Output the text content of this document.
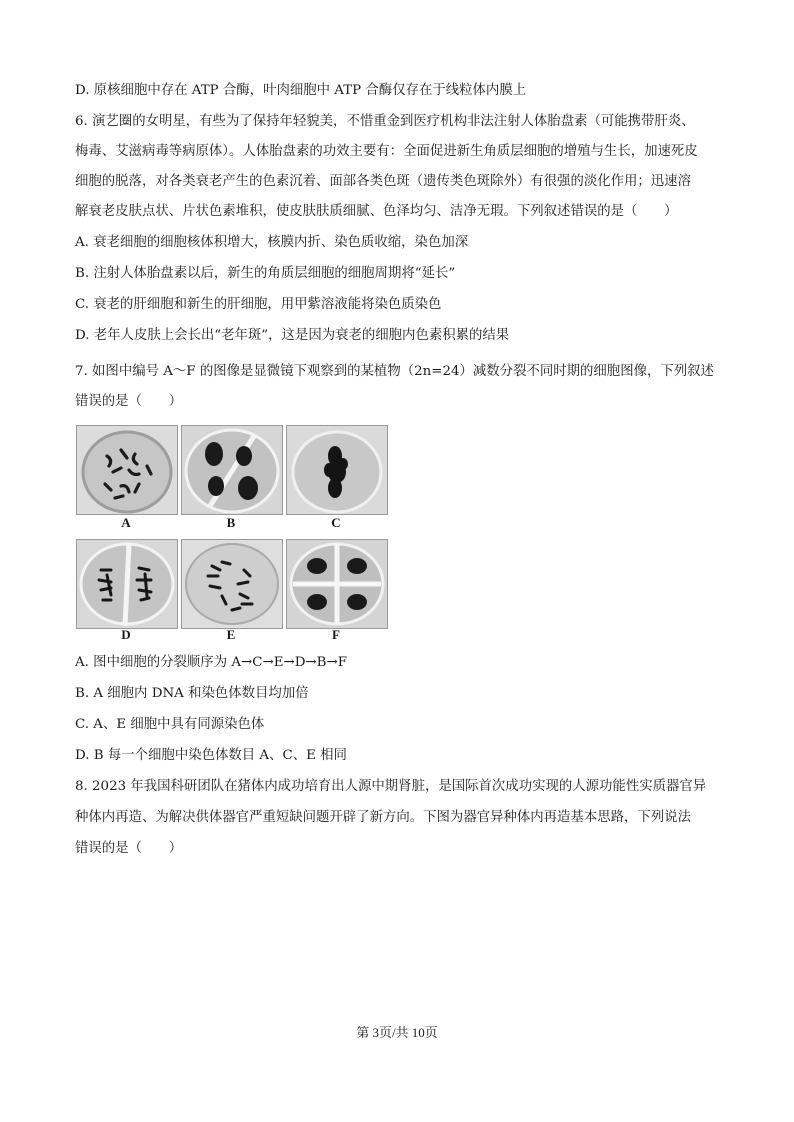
D. 原核细胞中存在 ATP 合酶，叶肉细胞中 ATP 合酶仅存在于线粒体内膜上
6. 演艺圈的女明星，有些为了保持年轻貌美，不惜重金到医疗机构非法注射人体胎盘素（可能携带肝炎、
梅毒、艾滋病毒等病原体）。人体胎盘素的功效主要有：全面促进新生角质层细胞的增殖与生长，加速死皮
细胞的脱落，对各类衰老产生的色素沉着、面部各类色斑（遗传类色斑除外）有很强的淡化作用；迅速溶
解衰老皮肤点状、片状色素堆积，使皮肤肤质细腻、色泽均匀、洁净无瑕。下列叙述错误的是（　　）
A. 衰老细胞的细胞核体积增大，核膜内折、染色质收缩，染色加深
B. 注射人体胎盘素以后，新生的角质层细胞的细胞周期将“延长”
C. 衰老的肝细胞和新生的肝细胞，用甲紫溶液能将染色质染色
D. 老年人皮肤上会长出“老年斑”，这是因为衰老的细胞内色素积累的结果
7. 如图中编号 A～F 的图像是显微镜下观察到的某植物（2n=24）减数分裂不同时期的细胞图像，下列叙述
错误的是（　　）
A	B	C
D	E	F
A. 图中细胞的分裂顺序为 A→C→E→D→B→F
B. A 细胞内 DNA 和染色体数目均加倍
C. A、E 细胞中具有同源染色体
D. B 每一个细胞中染色体数目 A、C、E 相同
8. 2023 年我国科研团队在猪体内成功培育出人源中期肾脏，是国际首次成功实现的人源功能性实质器官异
种体内再造、为解决供体器官严重短缺问题开辟了新方向。下图为器官异种体内再造基本思路，下列说法
错误的是（　　）
第 3页/共 10页
